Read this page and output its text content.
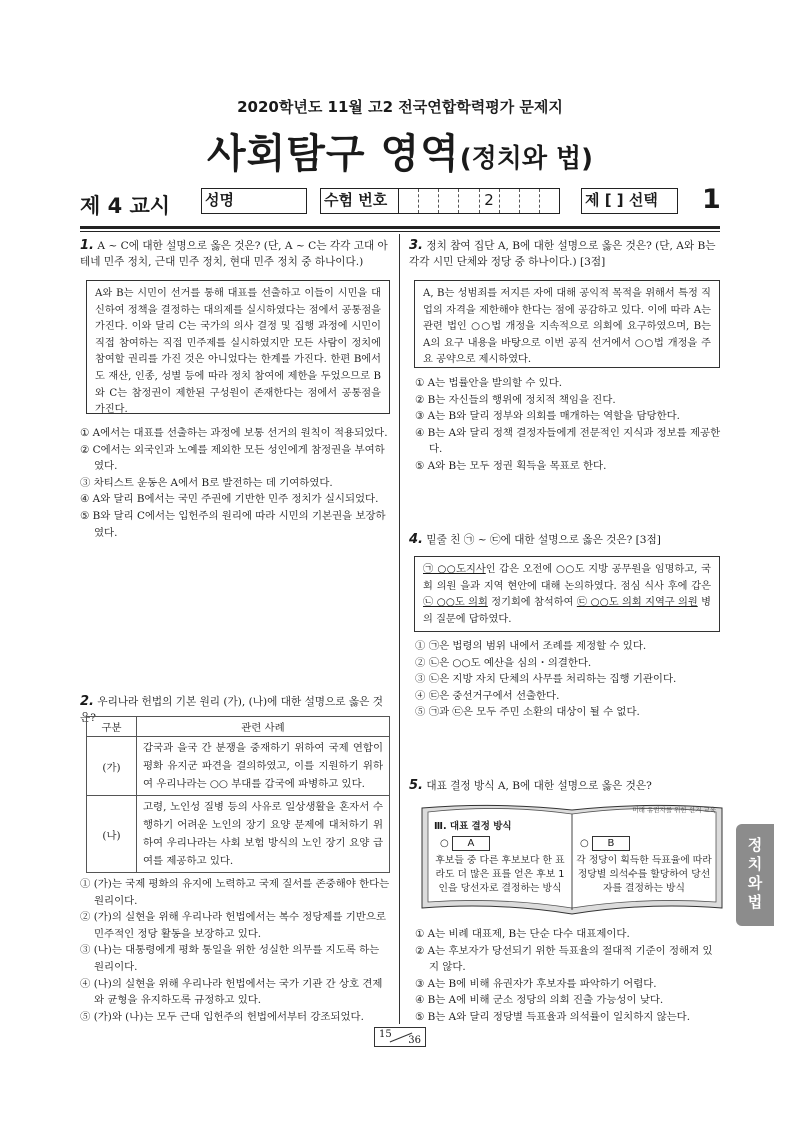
2020학년도 11월 고2 전국연합학력평가 문제지
사회탐구 영역(정치와 법)
제 4 교시 성명	수험 번호	2	제 [ ] 선택	1
1. A ~ C에 대한 설명으로 옳은 것은? (단, A ~ C는 각각 고대 아테네 민주 정치, 근대 민주 정치, 현대 민주 정치 중 하나이다.)
A와 B는 시민이 선거를 통해 대표를 선출하고 이들이 시민을 대신하여 정책을 결정하는 대의제를 실시하였다는 점에서 공통점을 가진다. 이와 달리 C는 국가의 의사 결정 및 집행 과정에 시민이 직접 참여하는 직접 민주제를 실시하였지만 모든 사람이 정치에 참여할 권리를 가진 것은 아니었다는 한계를 가진다. 한편 B에서도 재산, 인종, 성별 등에 따라 정치 참여에 제한을 두었으므로 B와 C는 참정권이 제한된 구성원이 존재한다는 점에서 공통점을 가진다.
① A에서는 대표를 선출하는 과정에 보통 선거의 원칙이 적용되었다.
② C에서는 외국인과 노예를 제외한 모든 성인에게 참정권을 부여하였다.
③ 차티스트 운동은 A에서 B로 발전하는 데 기여하였다.
④ A와 달리 B에서는 국민 주권에 기반한 민주 정치가 실시되었다.
⑤ B와 달리 C에서는 입헌주의 원리에 따라 시민의 기본권을 보장하였다.
2. 우리나라 헌법의 기본 원리 (가), (나)에 대한 설명으로 옳은 것은?
구분	관련 사례
(가)	갑국과 을국 간 분쟁을 중재하기 위하여 국제 연합이 평화 유지군 파견을 결의하였고, 이를 지원하기 위하여 우리나라는 ○○ 부대를 갑국에 파병하고 있다.
(나)	고령, 노인성 질병 등의 사유로 일상생활을 혼자서 수행하기 어려운 노인의 장기 요양 문제에 대처하기 위하여 우리나라는 사회 보험 방식의 노인 장기 요양 급여를 제공하고 있다.
① (가)는 국제 평화의 유지에 노력하고 국제 질서를 존중해야 한다는 원리이다.
② (가)의 실현을 위해 우리나라 헌법에서는 복수 정당제를 기반으로 민주적인 정당 활동을 보장하고 있다.
③ (나)는 대통령에게 평화 통일을 위한 성실한 의무를 지도록 하는 원리이다.
④ (나)의 실현을 위해 우리나라 헌법에서는 국가 기관 간 상호 견제와 균형을 유지하도록 규정하고 있다.
⑤ (가)와 (나)는 모두 근대 입헌주의 헌법에서부터 강조되었다.
3. 정치 참여 집단 A, B에 대한 설명으로 옳은 것은? (단, A와 B는 각각 시민 단체와 정당 중 하나이다.) [3점]
A, B는 성범죄를 저지른 자에 대해 공익적 목적을 위해서 특정 직업의 자격을 제한해야 한다는 점에 공감하고 있다. 이에 따라 A는 관련 법인 ○○법 개정을 지속적으로 의회에 요구하였으며, B는 A의 요구 내용을 바탕으로 이번 공직 선거에서 ○○법 개정을 주요 공약으로 제시하였다.
① A는 법률안을 발의할 수 있다.
② B는 자신들의 행위에 정치적 책임을 진다.
③ A는 B와 달리 정부와 의회를 매개하는 역할을 담당한다.
④ B는 A와 달리 정책 결정자들에게 전문적인 지식과 정보를 제공한다.
⑤ A와 B는 모두 정권 획득을 목표로 한다.
4. 밑줄 친 ㉠ ~ ㉢에 대한 설명으로 옳은 것은? [3점]
㉠ ○○도지사인 갑은 오전에 ○○도 지방 공무원을 임명하고, 국회 의원 을과 지역 현안에 대해 논의하였다. 점심 식사 후에 갑은 ㉡ ○○도 의회 정기회에 참석하여 ㉢ ○○도 의회 지역구 의원 병의 질문에 답하였다.
① ㉠은 법령의 범위 내에서 조례를 제정할 수 있다.
② ㉡은 ○○도 예산을 심의・의결한다.
③ ㉡은 지방 자치 단체의 사무를 처리하는 집행 기관이다.
④ ㉢은 중선거구에서 선출한다.
⑤ ㉠과 ㉢은 모두 주민 소환의 대상이 될 수 없다.
5. 대표 결정 방식 A, B에 대한 설명으로 옳은 것은?
미래 유권자를 위한 선거 교육
Ⅲ. 대표 결정 방식
○ A	○ B
후보들 중 다른 후보보다 한 표라도 더 많은 표를 얻은 후보 1인을 당선자로 결정하는 방식
각 정당이 획득한 득표율에 따라 정당별 의석수를 할당하여 당선자를 결정하는 방식
① A는 비례 대표제, B는 단순 다수 대표제이다.
② A는 후보자가 당선되기 위한 득표율의 절대적 기준이 정해져 있지 않다.
③ A는 B에 비해 유권자가 후보자를 파악하기 어렵다.
④ B는 A에 비해 군소 정당의 의회 진출 가능성이 낮다.
⑤ B는 A와 달리 정당별 득표율과 의석률이 일치하지 않는다.
정
치
와
법
15
36
